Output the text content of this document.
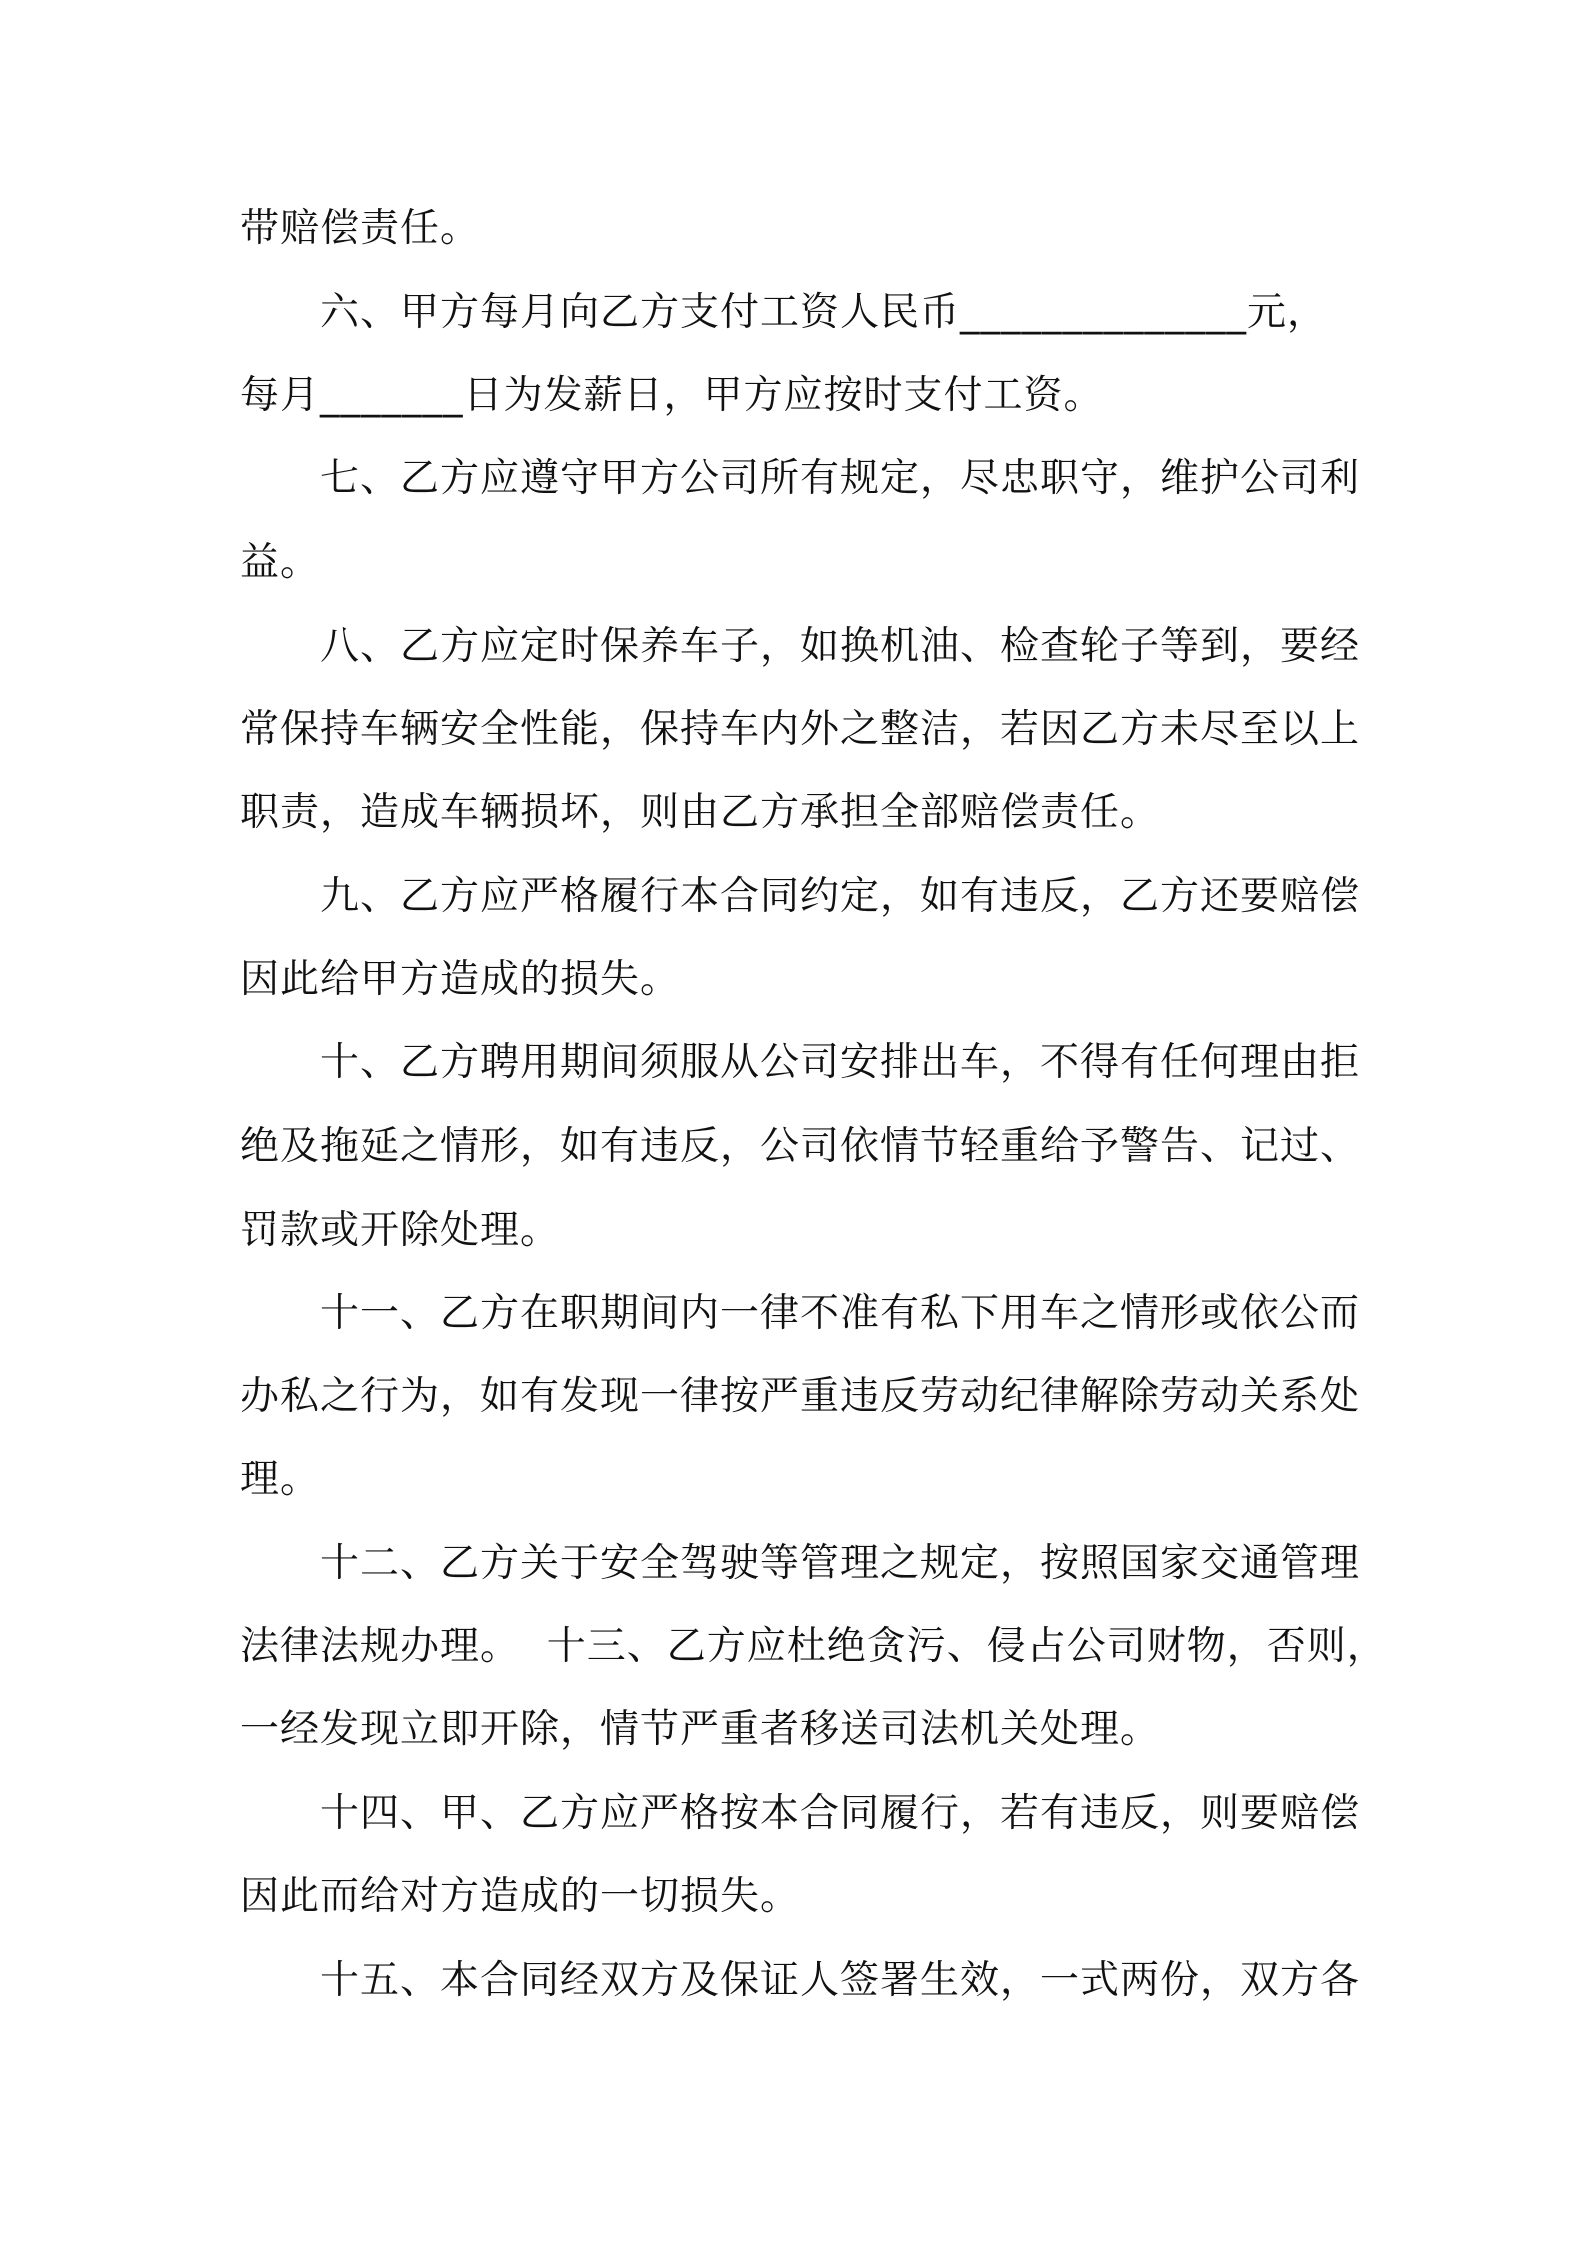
带赔偿责任。
六、甲方每月向乙方支付工资人民币______________元，
每月_______日为发薪日，甲方应按时支付工资。
七、乙方应遵守甲方公司所有规定，尽忠职守，维护公司利
益。
八、乙方应定时保养车子，如换机油、检查轮子等到，要经
常保持车辆安全性能，保持车内外之整洁，若因乙方未尽至以上
职责，造成车辆损坏，则由乙方承担全部赔偿责任。
九、乙方应严格履行本合同约定，如有违反，乙方还要赔偿
因此给甲方造成的损失。
十、乙方聘用期间须服从公司安排出车，不得有任何理由拒
绝及拖延之情形，如有违反，公司依情节轻重给予警告、记过、
罚款或开除处理。
十一、乙方在职期间内一律不准有私下用车之情形或依公而
办私之行为，如有发现一律按严重违反劳动纪律解除劳动关系处
理。
十二、乙方关于安全驾驶等管理之规定，按照国家交通管理
法律法规办理。  十三、乙方应杜绝贪污、侵占公司财物，否则，
一经发现立即开除，情节严重者移送司法机关处理。
十四、甲、乙方应严格按本合同履行，若有违反，则要赔偿
因此而给对方造成的一切损失。
十五、本合同经双方及保证人签署生效，一式两份，双方各
